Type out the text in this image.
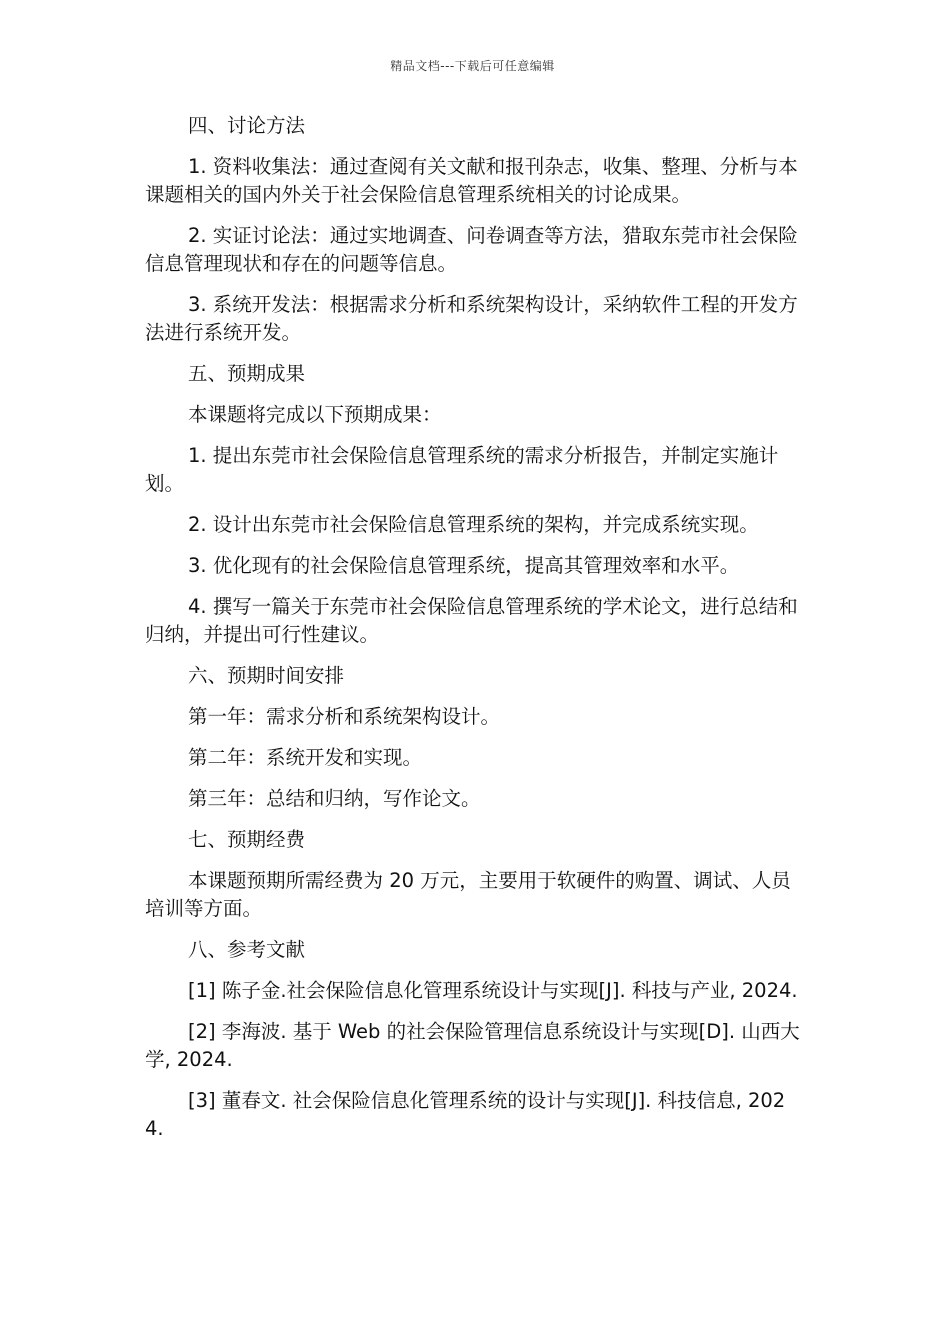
精品文档---下载后可任意编辑
四、讨论方法

1. 资料收集法：通过查阅有关文献和报刊杂志，收集、整理、分析与本课题相关的国内外关于社会保险信息管理系统相关的讨论成果。

2. 实证讨论法：通过实地调查、问卷调查等方法，猎取东莞市社会保险信息管理现状和存在的问题等信息。

3. 系统开发法：根据需求分析和系统架构设计，采纳软件工程的开发方法进行系统开发。

五、预期成果

本课题将完成以下预期成果：

1. 提出东莞市社会保险信息管理系统的需求分析报告，并制定实施计划。

2. 设计出东莞市社会保险信息管理系统的架构，并完成系统实现。

3. 优化现有的社会保险信息管理系统，提高其管理效率和水平。

4. 撰写一篇关于东莞市社会保险信息管理系统的学术论文，进行总结和归纳，并提出可行性建议。

六、预期时间安排

第一年：需求分析和系统架构设计。

第二年：系统开发和实现。

第三年：总结和归纳，写作论文。

七、预期经费

本课题预期所需经费为 20 万元，主要用于软硬件的购置、调试、人员培训等方面。

八、参考文献

[1] 陈子金.社会保险信息化管理系统设计与实现[J]. 科技与产业, 2024.

[2] 李海波. 基于 Web 的社会保险管理信息系统设计与实现[D]. 山西大学, 2024.

[3] 董春文. 社会保险信息化管理系统的设计与实现[J]. 科技信息, 2024.
